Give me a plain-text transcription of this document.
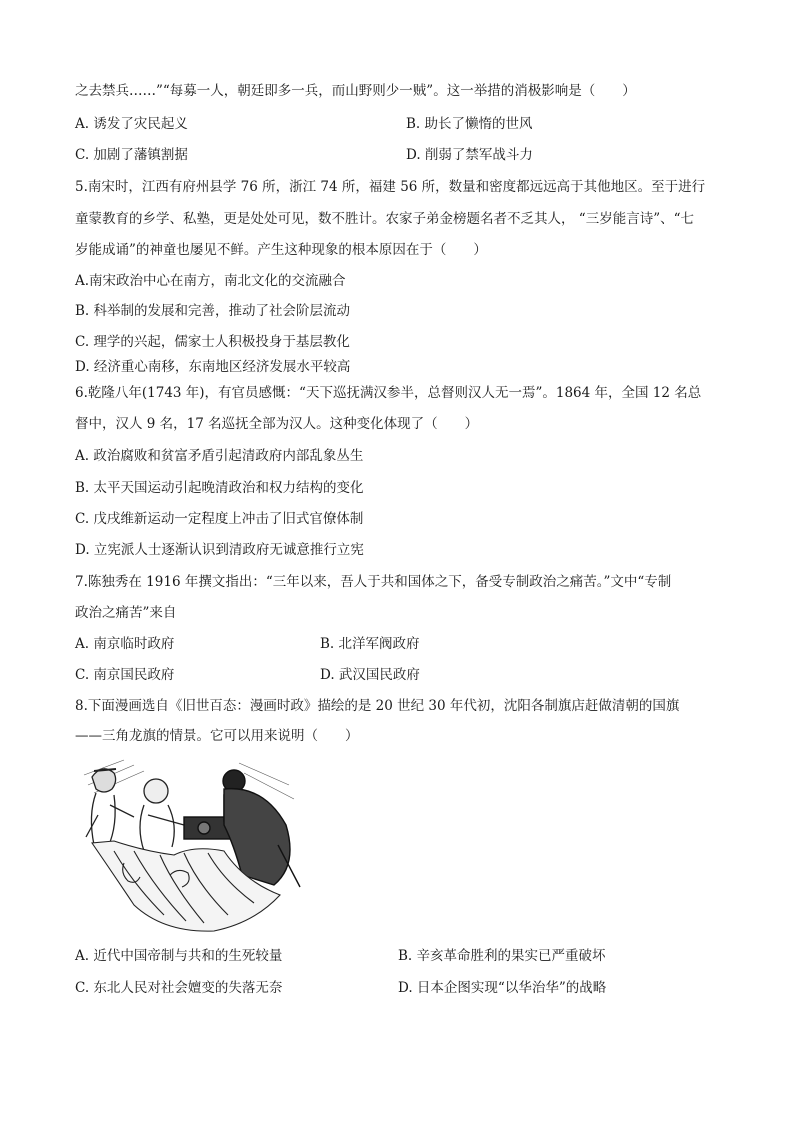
之去禁兵……”“每募一人，朝廷即多一兵，而山野则少一贼”。这一举措的消极影响是（　　）
A. 诱发了灾民起义	B. 助长了懒惰的世风
C. 加剧了藩镇割据	D. 削弱了禁军战斗力
5.南宋时，江西有府州县学 76 所，浙江 74 所，福建 56 所，数量和密度都远远高于其他地区。至于进行
童蒙教育的乡学、私塾，更是处处可见，数不胜计。农家子弟金榜题名者不乏其人， “三岁能言诗”、“七
岁能成诵”的神童也屡见不鲜。产生这种现象的根本原因在于（　　）
A.南宋政治中心在南方，南北文化的交流融合
B. 科举制的发展和完善，推动了社会阶层流动
C. 理学的兴起，儒家士人积极投身于基层教化
D. 经济重心南移，东南地区经济发展水平较高
6.乾隆八年(1743 年)，有官员感慨：“天下巡抚满汉参半，总督则汉人无一焉”。1864 年，全国 12 名总
督中，汉人 9 名，17 名巡抚全部为汉人。这种变化体现了（　　）
A. 政治腐败和贫富矛盾引起清政府内部乱象丛生
B. 太平天国运动引起晚清政治和权力结构的变化
C. 戊戌维新运动一定程度上冲击了旧式官僚体制
D. 立宪派人士逐渐认识到清政府无诚意推行立宪
7.陈独秀在 1916 年撰文指出：“三年以来，吾人于共和国体之下，备受专制政治之痛苦。”文中“专制
政治之痛苦”来自
A. 南京临时政府	B. 北洋军阀政府
C. 南京国民政府	D. 武汉国民政府
8.下面漫画选自《旧世百态：漫画时政》描绘的是 20 世纪 30 年代初，沈阳各制旗店赶做清朝的国旗
——三角龙旗的情景。它可以用来说明（　　）
A. 近代中国帝制与共和的生死较量	B. 辛亥革命胜利的果实已严重破坏
C. 东北人民对社会嬗变的失落无奈	D. 日本企图实现“以华治华”的战略
